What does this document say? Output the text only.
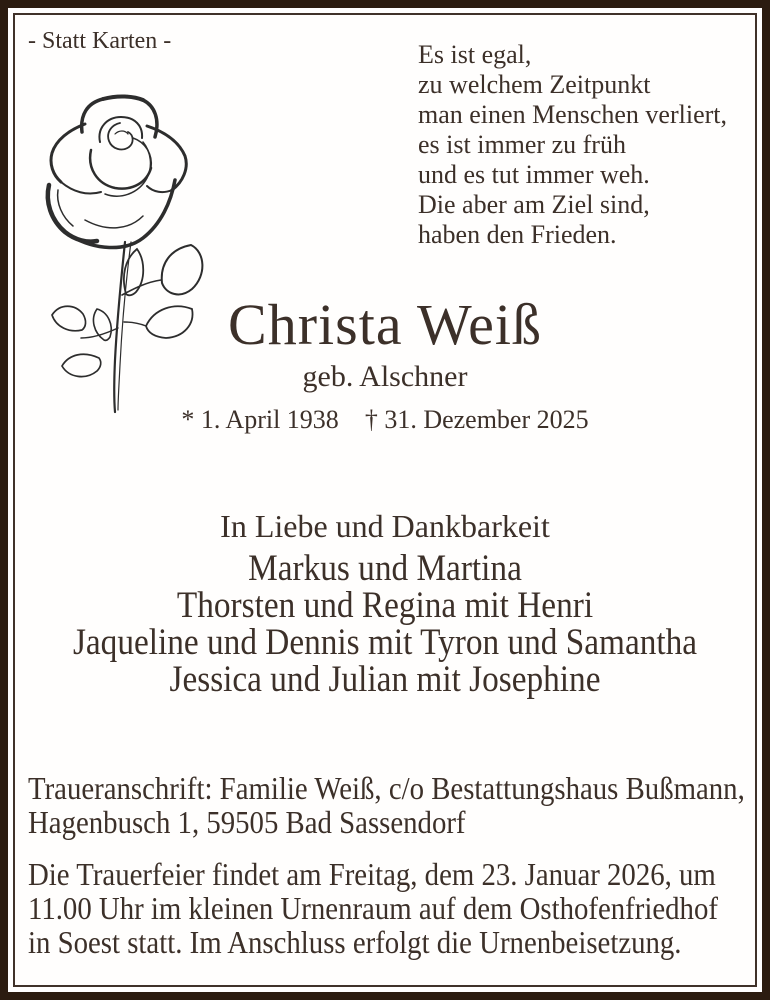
- Statt Karten -	Es ist egal,
zu welchem Zeitpunkt
man einen Menschen verliert,
es ist immer zu früh
und es tut immer weh.
Die aber am Ziel sind,
haben den Frieden.
Christa Weiß
geb. Alschner
* 1. April 1938 † 31. Dezember 2025
In Liebe und Dankbarkeit
Markus und Martina
Thorsten und Regina mit Henri
Jaqueline und Dennis mit Tyron und Samantha
Jessica und Julian mit Josephine
Traueranschrift: Familie Weiß, c/o Bestattungshaus Bußmann,
Hagenbusch 1, 59505 Bad Sassendorf
Die Trauerfeier findet am Freitag, dem 23. Januar 2026, um
11.00 Uhr im kleinen Urnenraum auf dem Osthofenfriedhof
in Soest statt. Im Anschluss erfolgt die Urnenbeisetzung.
